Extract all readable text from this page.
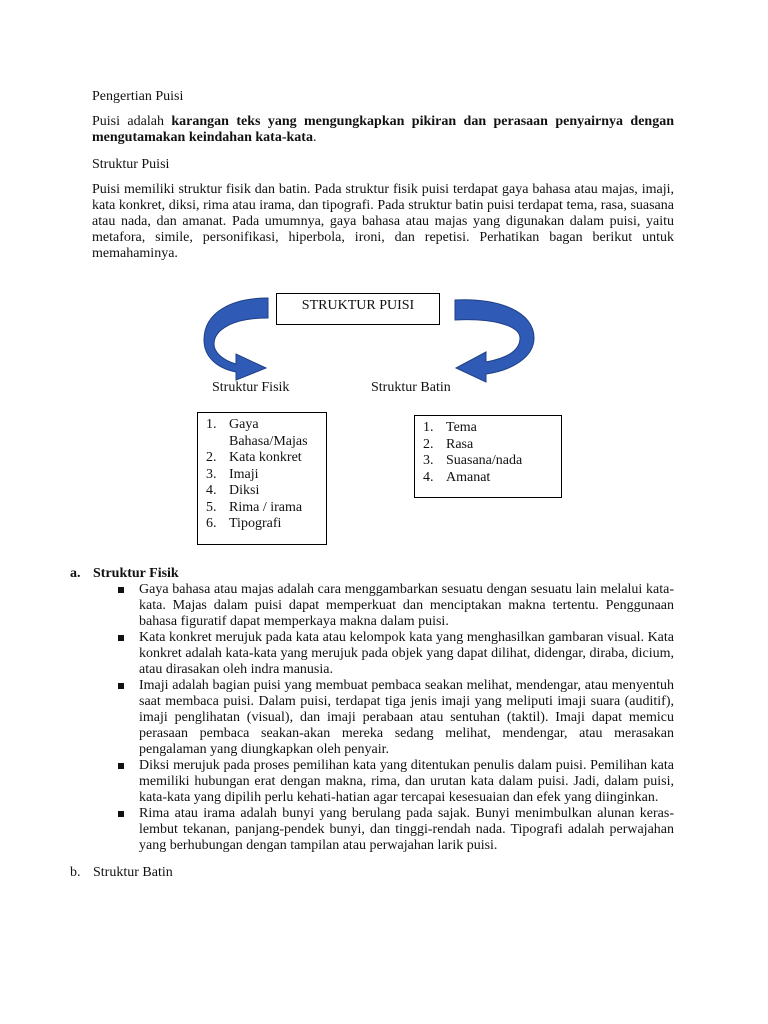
Pengertian Puisi

Puisi adalah karangan teks yang mengungkapkan pikiran dan perasaan penyairnya dengan mengutamakan keindahan kata-kata.

Struktur Puisi

Puisi memiliki struktur fisik dan batin. Pada struktur fisik puisi terdapat gaya bahasa atau majas, imaji, kata konkret, diksi, rima atau irama, dan tipografi. Pada struktur batin puisi terdapat tema, rasa, suasana atau nada, dan amanat. Pada umumnya, gaya bahasa atau majas yang digunakan dalam puisi, yaitu metafora, simile, personifikasi, hiperbola, ironi, dan repetisi. Perhatikan bagan berikut untuk memahaminya.

STRUKTUR PUISI
Struktur Fisik	Struktur Batin
1. Gaya Bahasa/Majas
2. Kata konkret
3. Imaji
4. Diksi
5. Rima / irama
6. Tipografi
1. Tema
2. Rasa
3. Suasana/nada
4. Amanat
a. Struktur Fisik
Gaya bahasa atau majas adalah cara menggambarkan sesuatu dengan sesuatu lain melalui kata-kata. Majas dalam puisi dapat memperkuat dan menciptakan makna tertentu. Penggunaan bahasa figuratif dapat memperkaya makna dalam puisi.
Kata konkret merujuk pada kata atau kelompok kata yang menghasilkan gambaran visual. Kata konkret adalah kata-kata yang merujuk pada objek yang dapat dilihat, didengar, diraba, dicium, atau dirasakan oleh indra manusia.
Imaji adalah bagian puisi yang membuat pembaca seakan melihat, mendengar, atau menyentuh saat membaca puisi. Dalam puisi, terdapat tiga jenis imaji yang meliputi imaji suara (auditif), imaji penglihatan (visual), dan imaji perabaan atau sentuhan (taktil). Imaji dapat memicu perasaan pembaca seakan-akan mereka sedang melihat, mendengar, atau merasakan pengalaman yang diungkapkan oleh penyair.
Diksi merujuk pada proses pemilihan kata yang ditentukan penulis dalam puisi. Pemilihan kata memiliki hubungan erat dengan makna, rima, dan urutan kata dalam puisi. Jadi, dalam puisi, kata-kata yang dipilih perlu kehati-hatian agar tercapai kesesuaian dan efek yang diinginkan.
Rima atau irama adalah bunyi yang berulang pada sajak. Bunyi menimbulkan alunan keras-lembut tekanan, panjang-pendek bunyi, dan tinggi-rendah nada. Tipografi adalah perwajahan yang berhubungan dengan tampilan atau perwajahan larik puisi.
b. Struktur Batin
